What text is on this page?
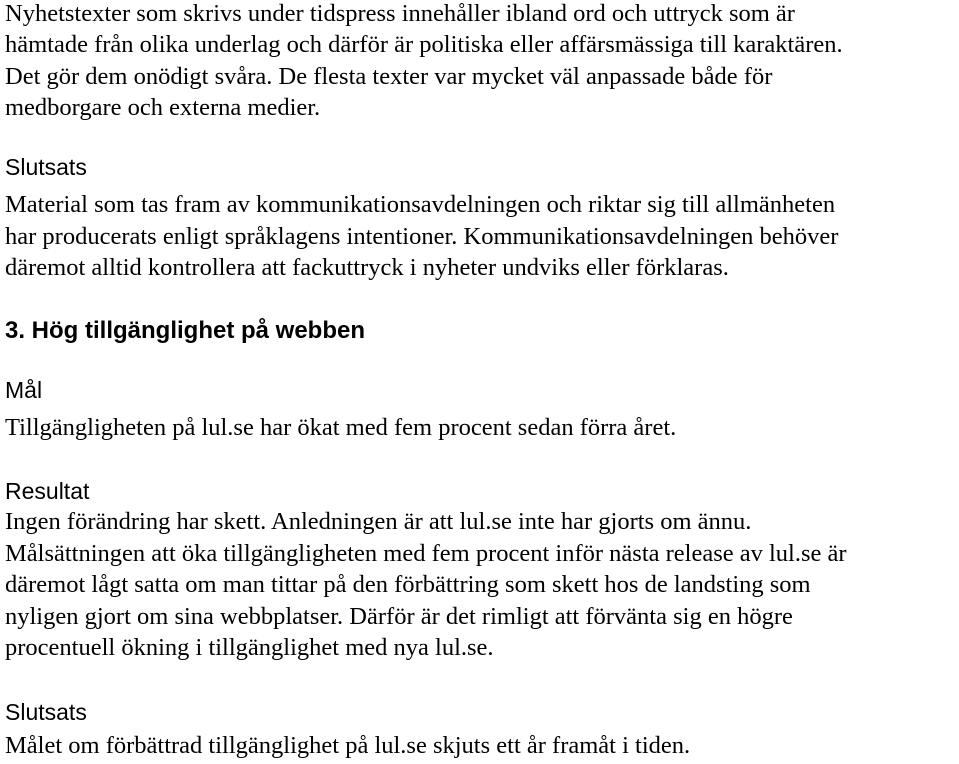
Nyhetstexter som skrivs under tidspress innehåller ibland ord och uttryck som är
hämtade från olika underlag och därför är politiska eller affärsmässiga till karaktären.
Det gör dem onödigt svåra. De flesta texter var mycket väl anpassade både för
medborgare och externa medier.
Slutsats
Material som tas fram av kommunikationsavdelningen och riktar sig till allmänheten
har producerats enligt språklagens intentioner. Kommunikationsavdelningen behöver
däremot alltid kontrollera att fackuttryck i nyheter undviks eller förklaras.
3. Hög tillgänglighet på webben
Mål
Tillgängligheten på lul.se har ökat med fem procent sedan förra året.
Resultat
Ingen förändring har skett. Anledningen är att lul.se inte har gjorts om ännu.
Målsättningen att öka tillgängligheten med fem procent inför nästa release av lul.se är
däremot lågt satta om man tittar på den förbättring som skett hos de landsting som
nyligen gjort om sina webbplatser. Därför är det rimligt att förvänta sig en högre
procentuell ökning i tillgänglighet med nya lul.se.
Slutsats
Målet om förbättrad tillgänglighet på lul.se skjuts ett år framåt i tiden.
